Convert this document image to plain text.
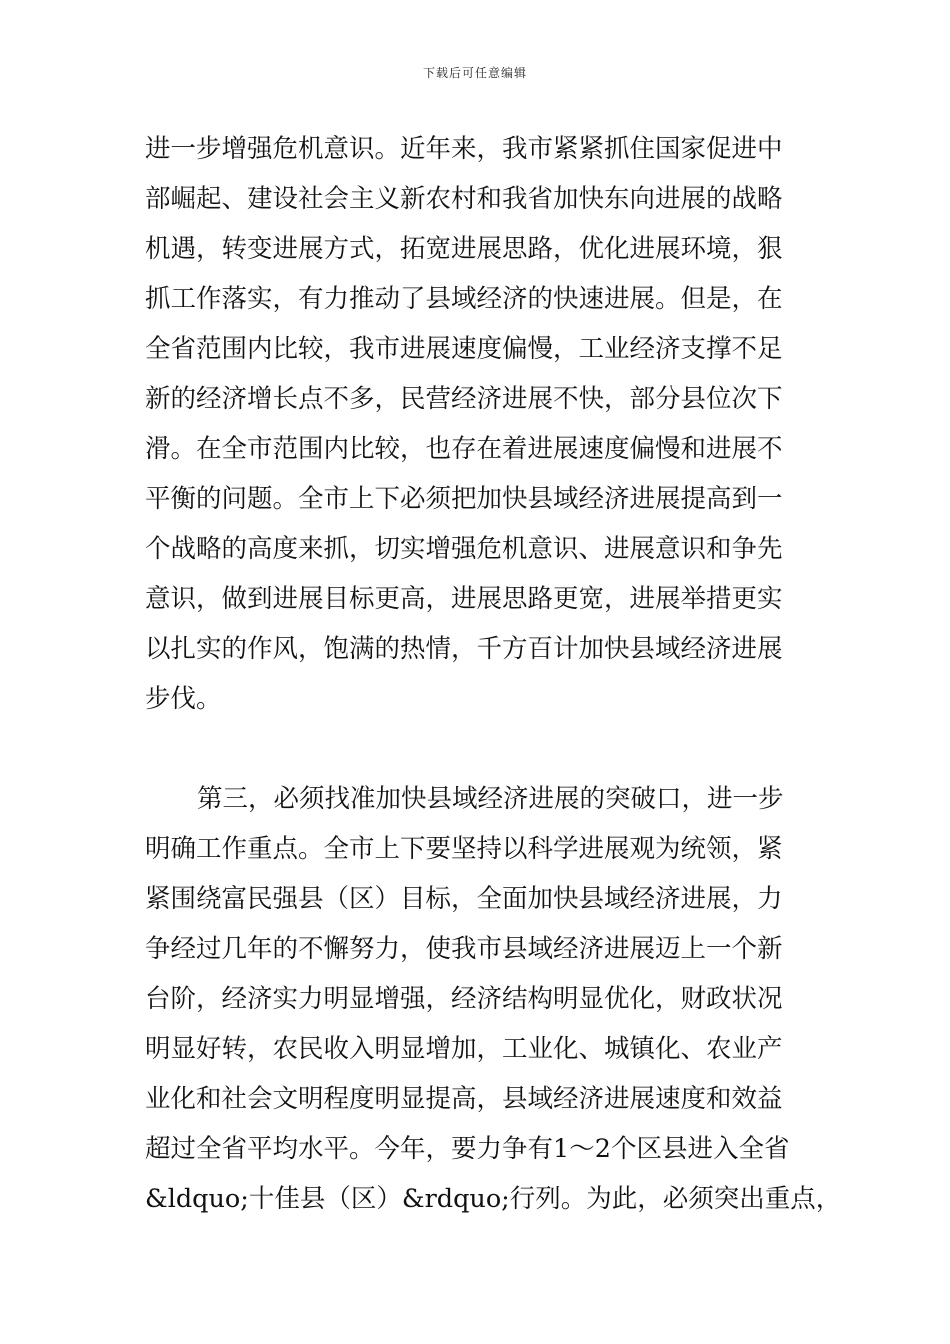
下载后可任意编辑
进一步增强危机意识。近年来，我市紧紧抓住国家促进中
部崛起、建设社会主义新农村和我省加快东向进展的战略
机遇，转变进展方式，拓宽进展思路，优化进展环境，狠
抓工作落实，有力推动了县域经济的快速进展。但是，在
全省范围内比较，我市进展速度偏慢，工业经济支撑不足
新的经济增长点不多，民营经济进展不快，部分县位次下
滑。在全市范围内比较，也存在着进展速度偏慢和进展不
平衡的问题。全市上下必须把加快县域经济进展提高到一
个战略的高度来抓，切实增强危机意识、进展意识和争先
意识，做到进展目标更高，进展思路更宽，进展举措更实
以扎实的作风，饱满的热情，千方百计加快县域经济进展
步伐。
第三，必须找准加快县域经济进展的突破口，进一步
明确工作重点。全市上下要坚持以科学进展观为统领，紧
紧围绕富民强县（区）目标，全面加快县域经济进展，力
争经过几年的不懈努力，使我市县域经济进展迈上一个新
台阶，经济实力明显增强，经济结构明显优化，财政状况
明显好转，农民收入明显增加，工业化、城镇化、农业产
业化和社会文明程度明显提高，县域经济进展速度和效益
超过全省平均水平。今年，要力争有1～2个区县进入全省
&ldquo;十佳县（区）&rdquo;行列。为此，必须突出重点，
